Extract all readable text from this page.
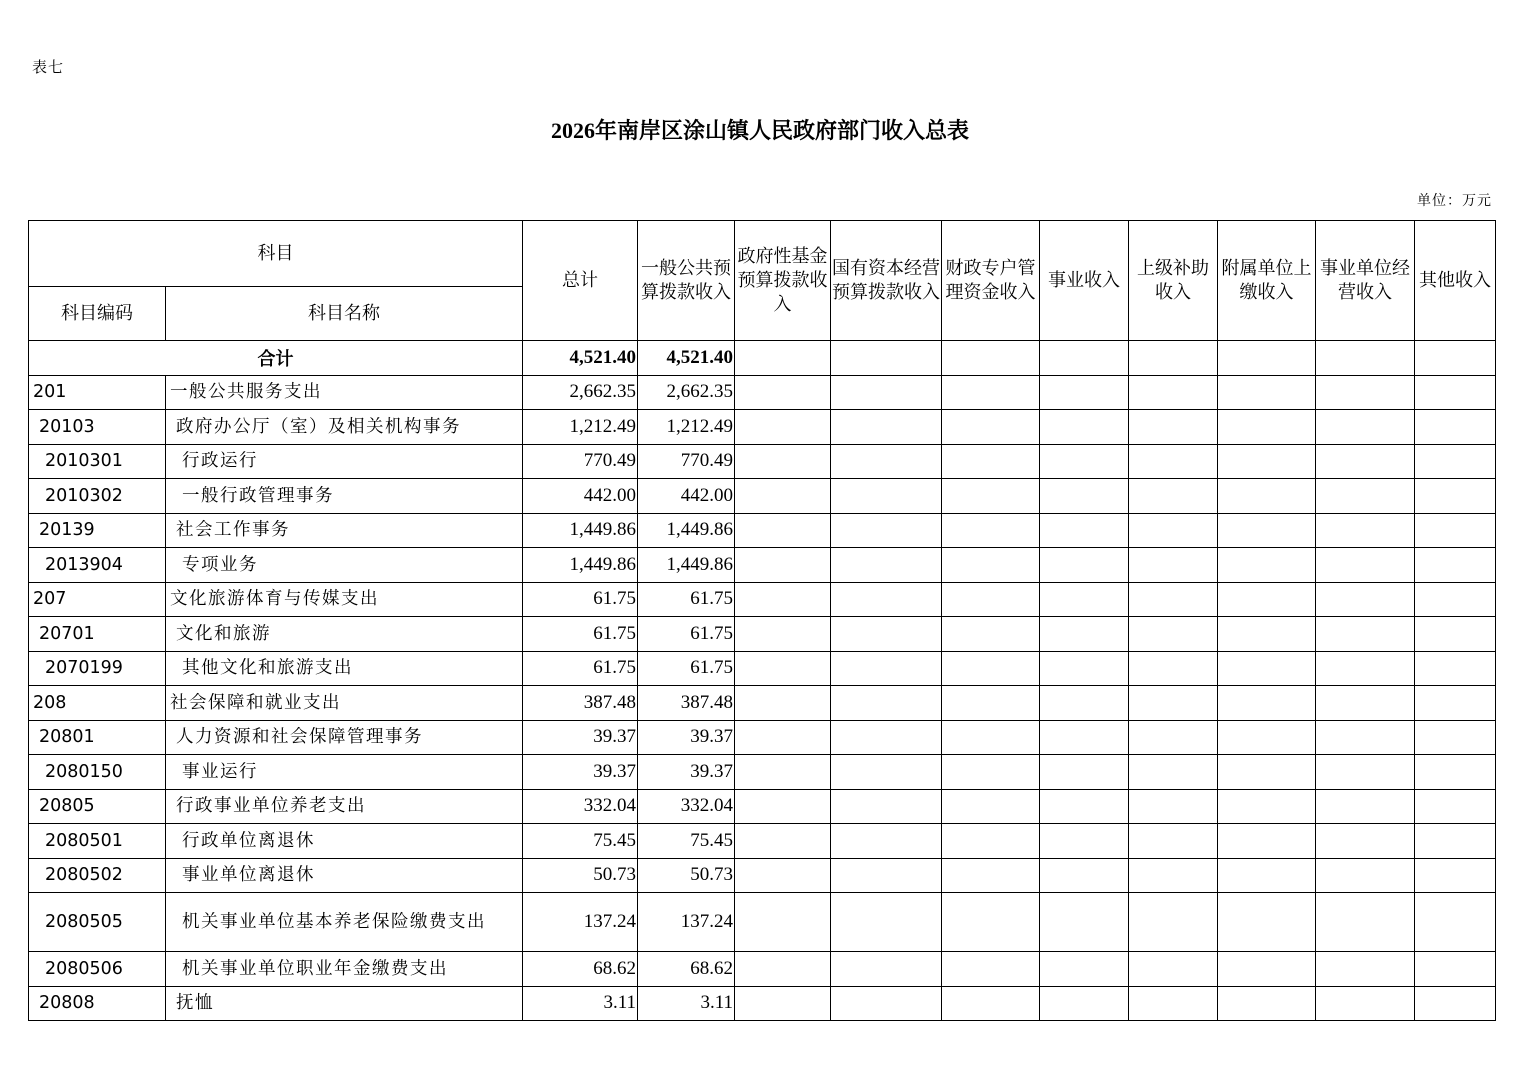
表七
2026年南岸区涂山镇人民政府部门收入总表
单位：万元
科目		总计	一般公共预算拨款收入	政府性基金预算拨款收入	国有资本经营预算拨款收入	财政专户管理资金收入	事业收入	上级补助收入	附属单位上缴收入	事业单位经营收入	其他收入
科目编码	科目名称										
合计		4,521.40	4,521.40								
201	一般公共服务支出	2,662.35	2,662.35								
20103	政府办公厅（室）及相关机构事务	1,212.49	1,212.49								
2010301	行政运行	770.49	770.49								
2010302	一般行政管理事务	442.00	442.00								
20139	社会工作事务	1,449.86	1,449.86								
2013904	专项业务	1,449.86	1,449.86								
207	文化旅游体育与传媒支出	61.75	61.75								
20701	文化和旅游	61.75	61.75								
2070199	其他文化和旅游支出	61.75	61.75								
208	社会保障和就业支出	387.48	387.48								
20801	人力资源和社会保障管理事务	39.37	39.37								
2080150	事业运行	39.37	39.37								
20805	行政事业单位养老支出	332.04	332.04								
2080501	行政单位离退休	75.45	75.45								
2080502	事业单位离退休	50.73	50.73								
2080505	机关事业单位基本养老保险缴费支出	137.24	137.24								
2080506	机关事业单位职业年金缴费支出	68.62	68.62								
20808	抚恤	3.11	3.11								
